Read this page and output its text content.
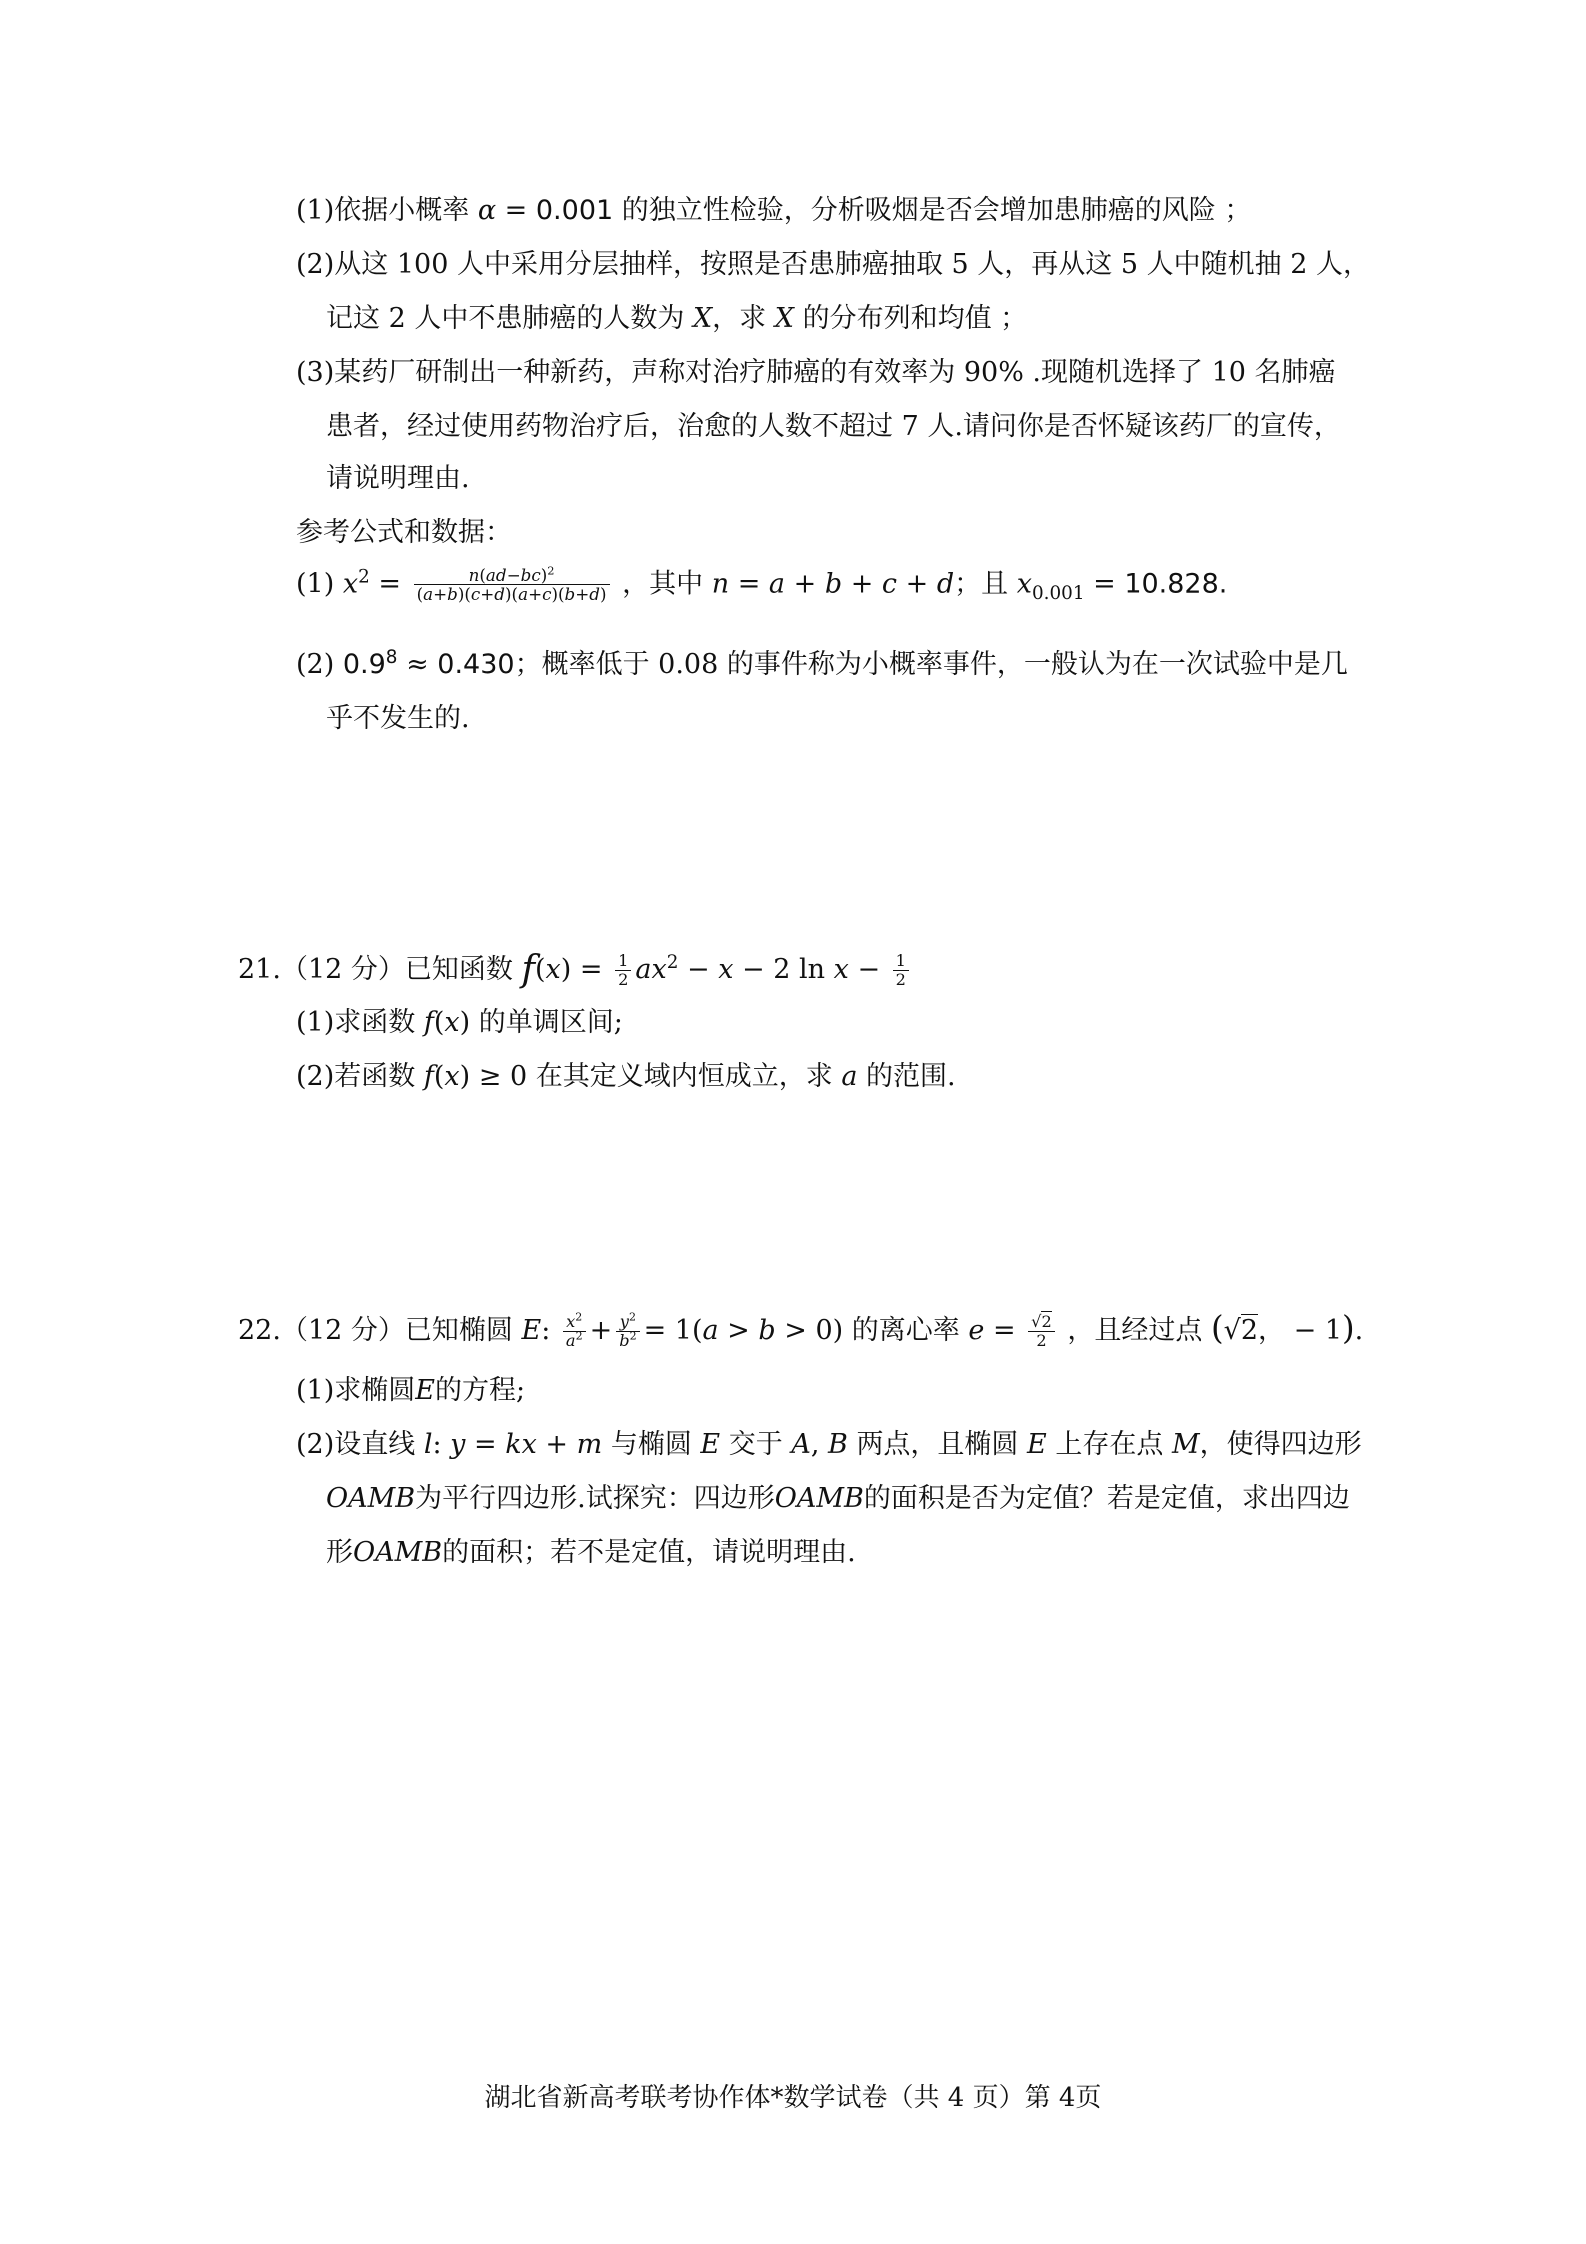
(1)依据小概率 α = 0.001 的独立性检验，分析吸烟是否会增加患肺癌的风险 ；
(2)从这 100 人中采用分层抽样，按照是否患肺癌抽取 5 人，再从这 5 人中随机抽 2 人，
记这 2 人中不患肺癌的人数为 X，求 X 的分布列和均值 ；
(3)某药厂研制出一种新药，声称对治疗肺癌的有效率为 90% .现随机选择了 10 名肺癌
患者，经过使用药物治疗后，治愈的人数不超过 7 人.请问你是否怀疑该药厂的宣传，
请说明理由.
参考公式和数据：
(1) $x^2 = \frac{n(ad-bc)^2}{(a+b)(c+d)(a+c)(b+d)}$ ，其中 n = a + b + c + d；且 $x_{0.001} = 10.828$.
(2) $0.9^8 \approx 0.430$；概率低于 0.08 的事件称为小概率事件，一般认为在一次试验中是几
乎不发生的.
21.（12 分）已知函数 $f(x) = \frac{1}{2} ax^2 - x - 2$ $\ln x - \frac{1}{2}$
(1)求函数 f(x) 的单调区间;
(2)若函数 f(x) ≥ 0 在其定义域内恒成立，求 a 的范围.
22.（12 分）已知椭圆 E: $\frac{x^2}{a^2} + \frac{y^2}{b^2} = 1(a > b > 0)$ 的离心率 $e = \frac{√2}{2}$ ，且经过点 (√2， − 1).
(1)求椭圆E的方程;
(2)设直线 l: y = kx + m 与椭圆 E 交于 A, B 两点，且椭圆 E 上存在点 M，使得四边形
OAMB为平行四边形.试探究：四边形OAMB的面积是否为定值？若是定值，求出四边
形OAMB的面积；若不是定值，请说明理由.
湖北省新高考联考协作体*数学试卷（共 4 页）第 4页
